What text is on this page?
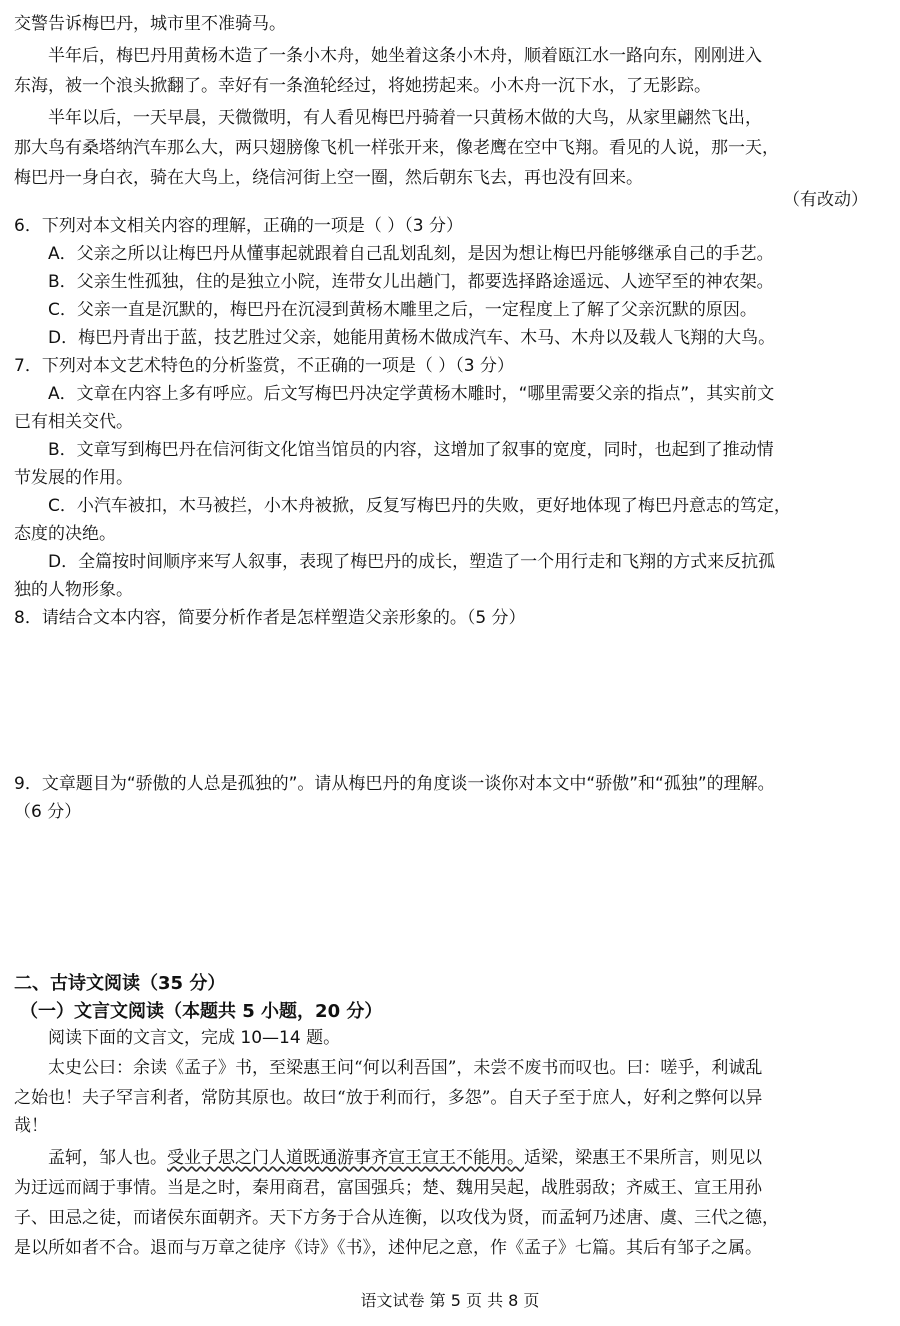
交警告诉梅巴丹，城市里不准骑马。
半年后，梅巴丹用黄杨木造了一条小木舟，她坐着这条小木舟，顺着瓯江水一路向东，刚刚进入
东海，被一个浪头掀翻了。幸好有一条渔轮经过，将她捞起来。小木舟一沉下水，了无影踪。
半年以后，一天早晨，天微微明，有人看见梅巴丹骑着一只黄杨木做的大鸟，从家里翩然飞出，
那大鸟有桑塔纳汽车那么大，两只翅膀像飞机一样张开来，像老鹰在空中飞翔。看见的人说，那一天，
梅巴丹一身白衣，骑在大鸟上，绕信河街上空一圈，然后朝东飞去，再也没有回来。
（有改动）
6．下列对本文相关内容的理解，正确的一项是（ ）（3 分）
A．父亲之所以让梅巴丹从懂事起就跟着自己乱划乱刻，是因为想让梅巴丹能够继承自己的手艺。
B．父亲生性孤独，住的是独立小院，连带女儿出趟门，都要选择路途遥远、人迹罕至的神农架。
C．父亲一直是沉默的，梅巴丹在沉浸到黄杨木雕里之后，一定程度上了解了父亲沉默的原因。
D．梅巴丹青出于蓝，技艺胜过父亲，她能用黄杨木做成汽车、木马、木舟以及载人飞翔的大鸟。
7．下列对本文艺术特色的分析鉴赏，不正确的一项是（ ）（3 分）
A．文章在内容上多有呼应。后文写梅巴丹决定学黄杨木雕时，“哪里需要父亲的指点”，其实前文
已有相关交代。
B．文章写到梅巴丹在信河街文化馆当馆员的内容，这增加了叙事的宽度，同时，也起到了推动情
节发展的作用。
C．小汽车被扣，木马被拦，小木舟被掀，反复写梅巴丹的失败，更好地体现了梅巴丹意志的笃定，
态度的决绝。
D．全篇按时间顺序来写人叙事，表现了梅巴丹的成长，塑造了一个用行走和飞翔的方式来反抗孤
独的人物形象。
8．请结合文本内容，简要分析作者是怎样塑造父亲形象的。（5 分）
9．文章题目为“骄傲的人总是孤独的”。请从梅巴丹的角度谈一谈你对本文中“骄傲”和“孤独”的理解。
（6 分）
二、古诗文阅读（35 分）
（一）文言文阅读（本题共 5 小题，20 分）
阅读下面的文言文，完成 10—14 题。
太史公曰：余读《孟子》书，至梁惠王问“何以利吾国”，未尝不废书而叹也。曰：嗟乎，利诚乱
之始也！夫子罕言利者，常防其原也。故曰“放于利而行，多怨”。自天子至于庶人，好利之弊何以异
哉！
孟轲，邹人也。受业子思之门人道既通游事齐宣王宣王不能用。适梁，梁惠王不果所言，则见以
为迂远而阔于事情。当是之时，秦用商君，富国强兵；楚、魏用吴起，战胜弱敌；齐威王、宣王用孙
子、田忌之徒，而诸侯东面朝齐。天下方务于合从连衡，以攻伐为贤，而孟轲乃述唐、虞、三代之德，
是以所如者不合。退而与万章之徒序《诗》《书》，述仲尼之意，作《孟子》七篇。其后有邹子之属。
语文试卷 第 5 页 共 8 页
